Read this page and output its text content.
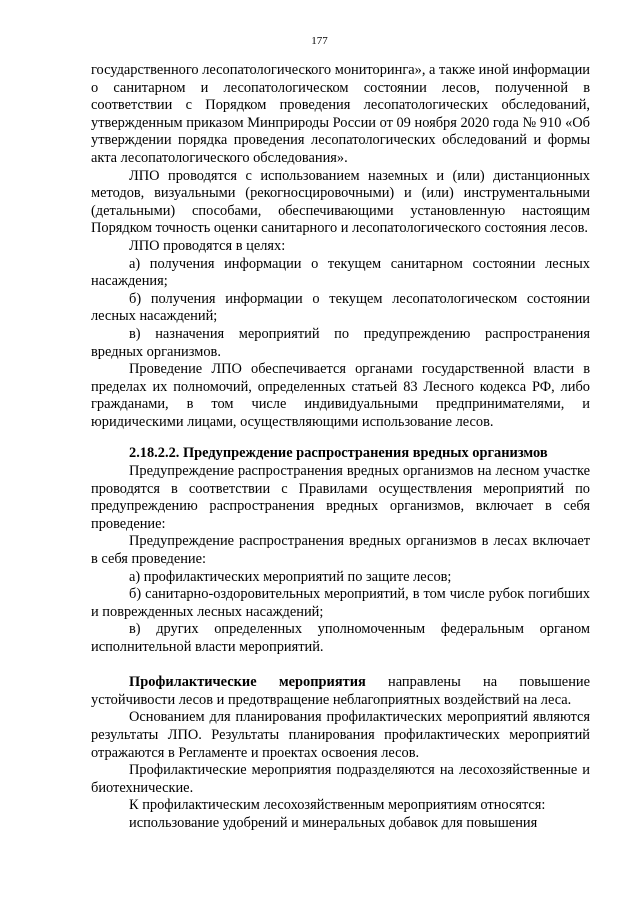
177

государственного лесопатологического мониторинга», а также иной информации о санитарном и лесопатологическом состоянии лесов, полученной в соответствии с Порядком проведения лесопатологических обследований, утвержденным приказом Минприроды России от 09 ноября 2020 года № 910 «Об утверждении порядка проведения лесопатологических обследований и формы акта лесопатологического обследования».

ЛПО проводятся с использованием наземных и (или) дистанционных методов, визуальными (рекогносцировочными) и (или) инструментальными (детальными) способами, обеспечивающими установленную настоящим Порядком точность оценки санитарного и лесопатологического состояния лесов.

ЛПО проводятся в целях:

а) получения информации о текущем санитарном состоянии лесных насаждения;

б) получения информации о текущем лесопатологическом состоянии лесных насаждений;

в) назначения мероприятий по предупреждению распространения вредных организмов.

Проведение ЛПО обеспечивается органами государственной власти в пределах их полномочий, определенных статьей 83 Лесного кодекса РФ, либо гражданами, в том числе индивидуальными предпринимателями, и юридическими лицами, осуществляющими использование лесов.

2.18.2.2. Предупреждение распространения вредных организмов

Предупреждение распространения вредных организмов на лесном участке проводятся в соответствии с Правилами осуществления мероприятий по предупреждению распространения вредных организмов, включает в себя проведение:

Предупреждение распространения вредных организмов в лесах включает в себя проведение:

а) профилактических мероприятий по защите лесов;

б) санитарно-оздоровительных мероприятий, в том числе рубок погибших и поврежденных лесных насаждений;

в) других определенных уполномоченным федеральным органом исполнительной власти мероприятий.

Профилактические мероприятия направлены на повышение устойчивости лесов и предотвращение неблагоприятных воздействий на леса.

Основанием для планирования профилактических мероприятий являются результаты ЛПО. Результаты планирования профилактических мероприятий отражаются в Регламенте и проектах освоения лесов.

Профилактические мероприятия подразделяются на лесохозяйственные и биотехнические.

К профилактическим лесохозяйственным мероприятиям относятся:

использование удобрений и минеральных добавок для повышения
